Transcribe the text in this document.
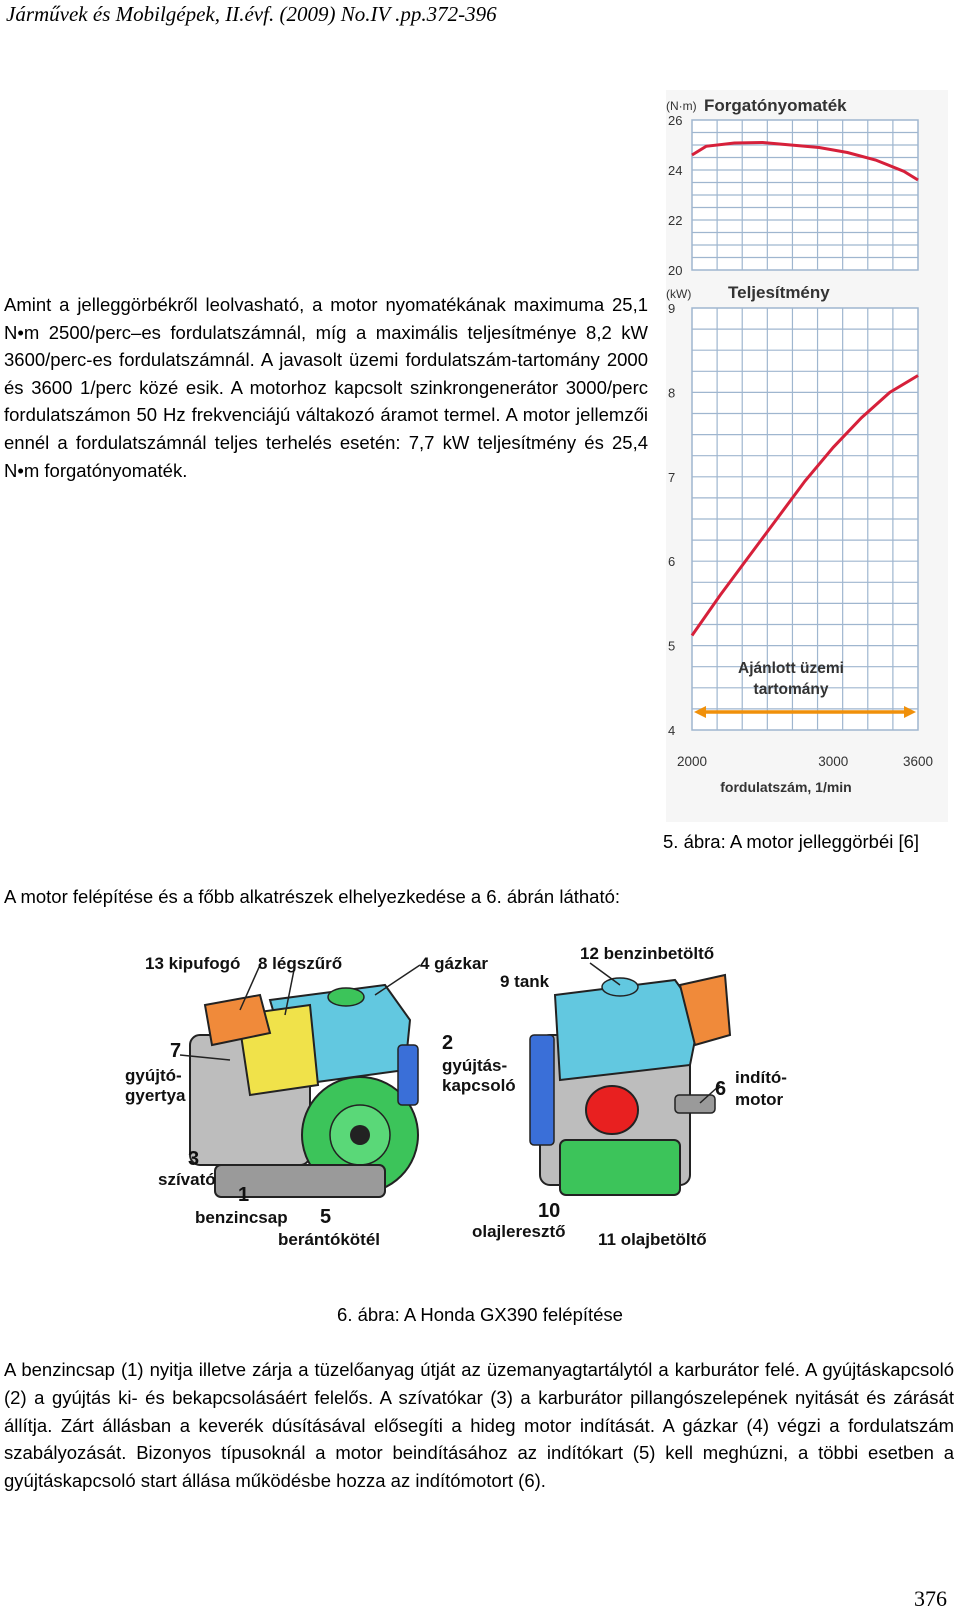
Járművek és Mobilgépek, II.évf. (2009) No.IV .pp.372-396
Amint a jelleggörbékről leolvasható, a motor nyomatékának maximuma 25,1 N•m 2500/perc–es fordulatszámnál, míg a maximális teljesítménye 8,2 kW 3600/perc-es fordulatszámnál. A javasolt üzemi fordulatszám-tartomány 2000 és 3600 1/perc közé esik. A motorhoz kapcsolt szinkrongenerátor 3000/perc fordulatszámon 50 Hz frekvenciájú váltakozó áramot termel. A motor jellemzői ennél a fordulatszámnál teljes terhelés esetén: 7,7 kW teljesítmény és 25,4 N•m forgatónyomaték.
(N·m) Forgatónyomaték
26
24
22
20
(kW) Teljesítmény
9
8
7
6
5
4
Ajánlott üzemi
tartomány
2000	3000	3600
fordulatszám, 1/min
5. ábra: A motor jelleggörbéi [6]
A motor felépítése és a főbb alkatrészek elhelyezkedése a 6. ábrán látható:
13 kipufogó 8 légszűrő	4 gázkar
7
gyújtó-
gyertya
2
gyújtás-
kapcsoló
3
szívató
1
benzincsap 5
berántókötél
12 benzinbetöltő
9 tank
6
indító-
motor
10
olajleresztő 11 olajbetöltő
6. ábra: A Honda GX390 felépítése
A benzincsap (1) nyitja illetve zárja a tüzelőanyag útját az üzemanyagtartálytól a karburátor felé. A gyújtáskapcsoló (2) a gyújtás ki- és bekapcsolásáért felelős. A szívatókar (3) a karburátor pillangószelepének nyitását és zárását állítja. Zárt állásban a keverék dúsításával elősegíti a hideg motor indítását. A gázkar (4) végzi a fordulatszám szabályozását. Bizonyos típusoknál a motor beindításához az indítókart (5) kell meghúzni, a többi esetben a gyújtáskapcsoló start állása működésbe hozza az indítómotort (6).
376
